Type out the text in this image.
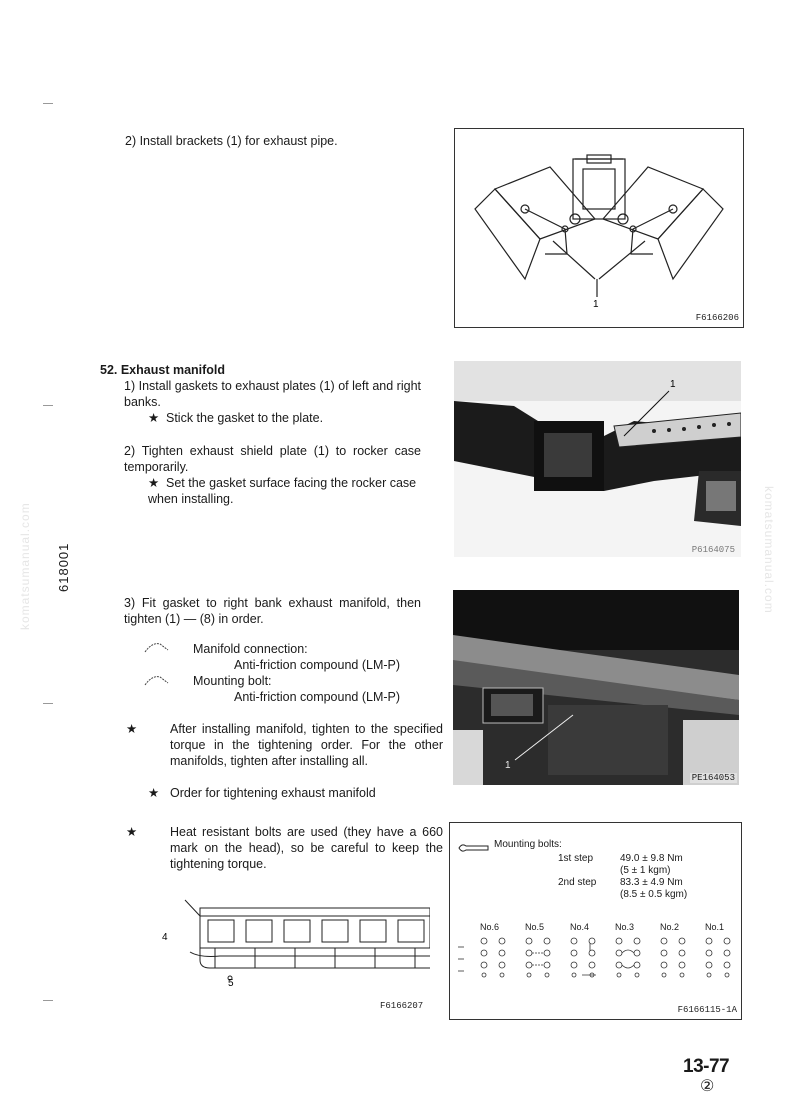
618001
komatsumanual.com	komatsumanual.com
2) Install brackets (1) for exhaust pipe.
1
F6166206
52. Exhaust manifold
1) Install gaskets to exhaust plates (1) of left and right banks.
★ Stick the gasket to the plate.
2) Tighten exhaust shield plate (1) to rocker case temporarily.
★ Set the gasket surface facing the rocker case when installing.
1
P6164075
3) Fit gasket to right bank exhaust manifold, then tighten (1) — (8) in order.
Manifold connection:
Anti-friction compound (LM-P)
Mounting bolt:
Anti-friction compound (LM-P)
★	After installing manifold, tighten to the specified torque in the tightening order. For the other manifolds, tighten after installing all.
★ Order for tightening exhaust manifold
★	Heat resistant bolts are used (they have a 660 mark on the head), so be careful to keep the tightening torque.
1
PE164053
4
5
F6166207
Mounting bolts:
1st step	49.0 ± 9.8 Nm
	(5 ± 1 kgm)
2nd step	83.3 ± 4.9 Nm
	(8.5 ± 0.5 kgm)
No.6	No.5	No.4	No.3	No.2	No.1
F6166115-1A
13-77
②
